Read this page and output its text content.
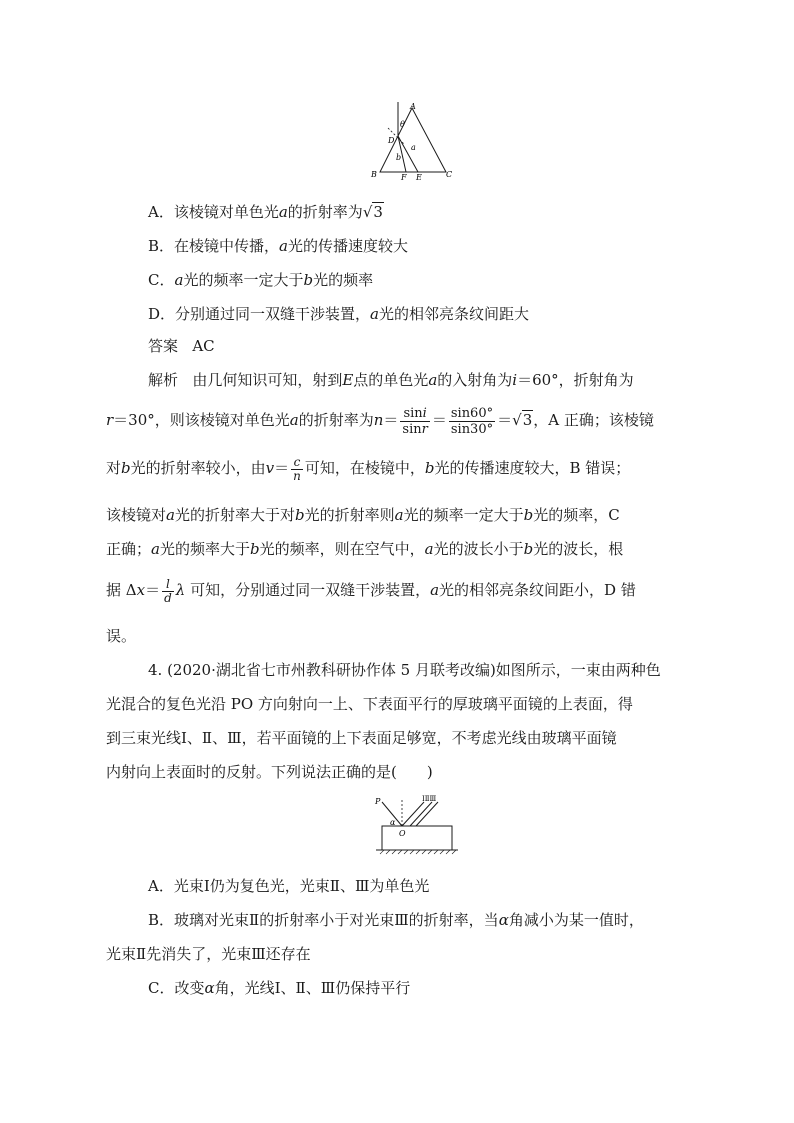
A
B	C
D
F E
a
b
θ
A．该棱镜对单色光a的折射率为√3
B．在棱镜中传播，a光的传播速度较大
C．a光的频率一定大于b光的频率
D．分别通过同一双缝干涉装置，a光的相邻亮条纹间距大
答案 AC
解析 由几何知识可知，射到E点的单色光a的入射角为i＝60°，折射角为
r＝30°，则该棱镜对单色光a的折射率为$n= \frac{\sin i}{\sin r} = \frac{\sin 60^\circ}{\sin 30^\circ} =√3$，A 正确；该棱镜
对b光的折射率较小，由$v= \frac{c}{n}$ 可知，在棱镜中，b光的传播速度较大，B 错误；
该棱镜对a光的折射率大于对b光的折射率则a光的频率一定大于b光的频率，C
正确；a光的频率大于b光的频率，则在空气中，a光的波长小于b光的波长，根
据 $\Delta x= \frac{l}{d}$ λ 可知，分别通过同一双缝干涉装置，a光的相邻亮条纹间距小，D 错
误。
4. (2020·湖北省七市州教科研协作体 5 月联考改编)如图所示，一束由两种色
光混合的复色光沿 PO 方向射向一上、下表面平行的厚玻璃平面镜的上表面，得
到三束光线Ⅰ、Ⅱ、Ⅲ，若平面镜的上下表面足够宽，不考虑光线由玻璃平面镜
内射向上表面时的反射。下列说法正确的是(　　)
P
O
α
ⅠⅡⅢ
A．光束Ⅰ仍为复色光，光束Ⅱ、Ⅲ为单色光
B．玻璃对光束Ⅱ的折射率小于对光束Ⅲ的折射率，当α角减小为某一值时，
光束Ⅱ先消失了，光束Ⅲ还存在
C．改变α角，光线Ⅰ、Ⅱ、Ⅲ仍保持平行
